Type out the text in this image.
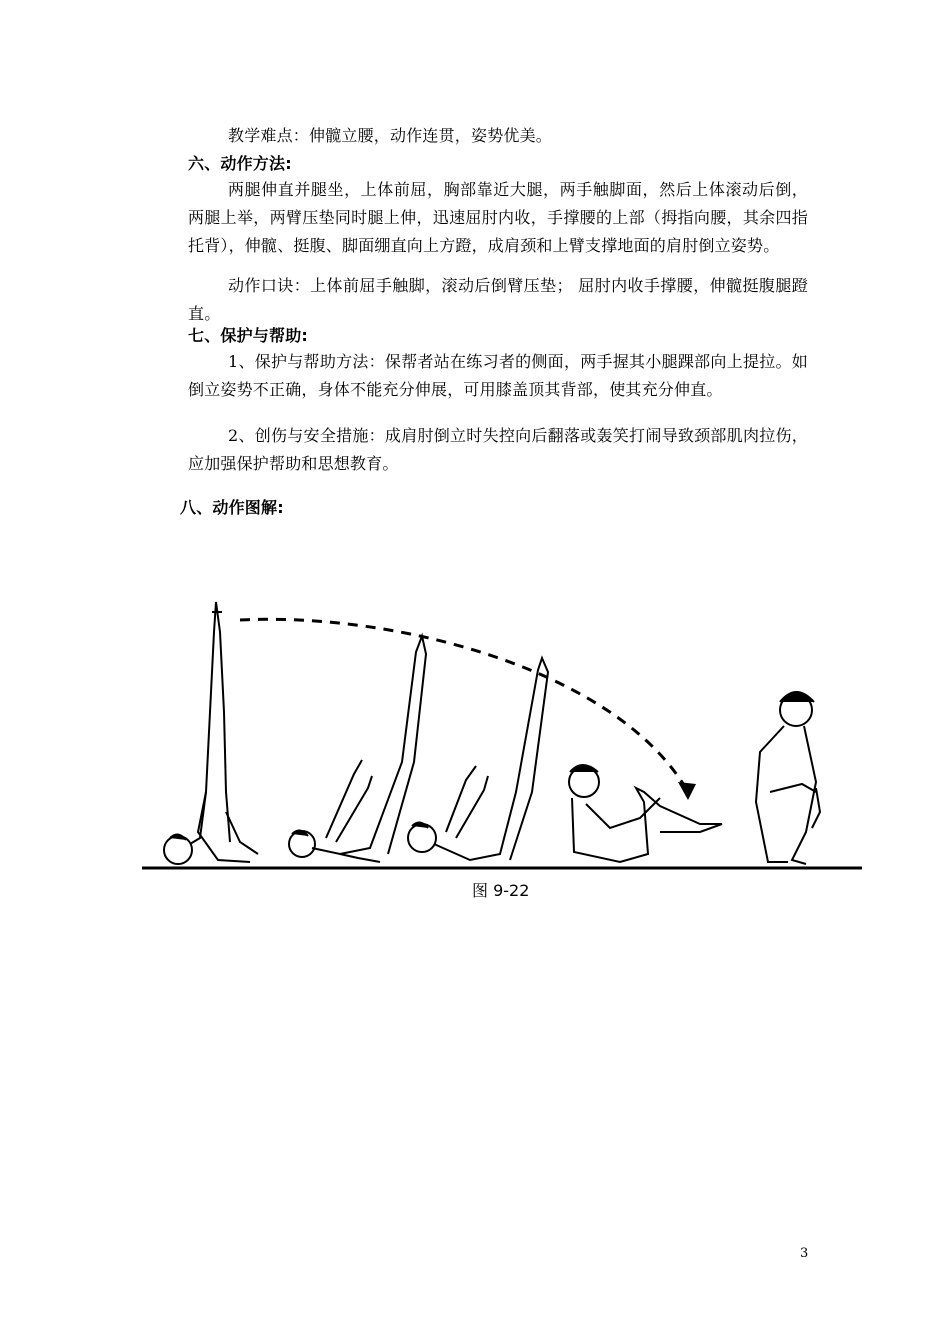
教学难点：伸髋立腰，动作连贯，姿势优美。

六、动作方法:

两腿伸直并腿坐，上体前屈，胸部靠近大腿，两手触脚面，然后上体滚动后倒，两腿上举，两臂压垫同时腿上伸，迅速屈肘内收，手撑腰的上部（拇指向腰，其余四指托背），伸髋、挺腹、脚面绷直向上方蹬，成肩颈和上臂支撑地面的肩肘倒立姿势。

动作口诀：上体前屈手触脚，滚动后倒臂压垫； 屈肘内收手撑腰，伸髋挺腹腿蹬直。

七、保护与帮助:

1、保护与帮助方法：保帮者站在练习者的侧面，两手握其小腿踝部向上提拉。如倒立姿势不正确，身体不能充分伸展，可用膝盖顶其背部，使其充分伸直。

2、创伤与安全措施：成肩肘倒立时失控向后翻落或轰笑打闹导致颈部肌肉拉伤，应加强保护帮助和思想教育。

八、动作图解:

图 9-22
3
